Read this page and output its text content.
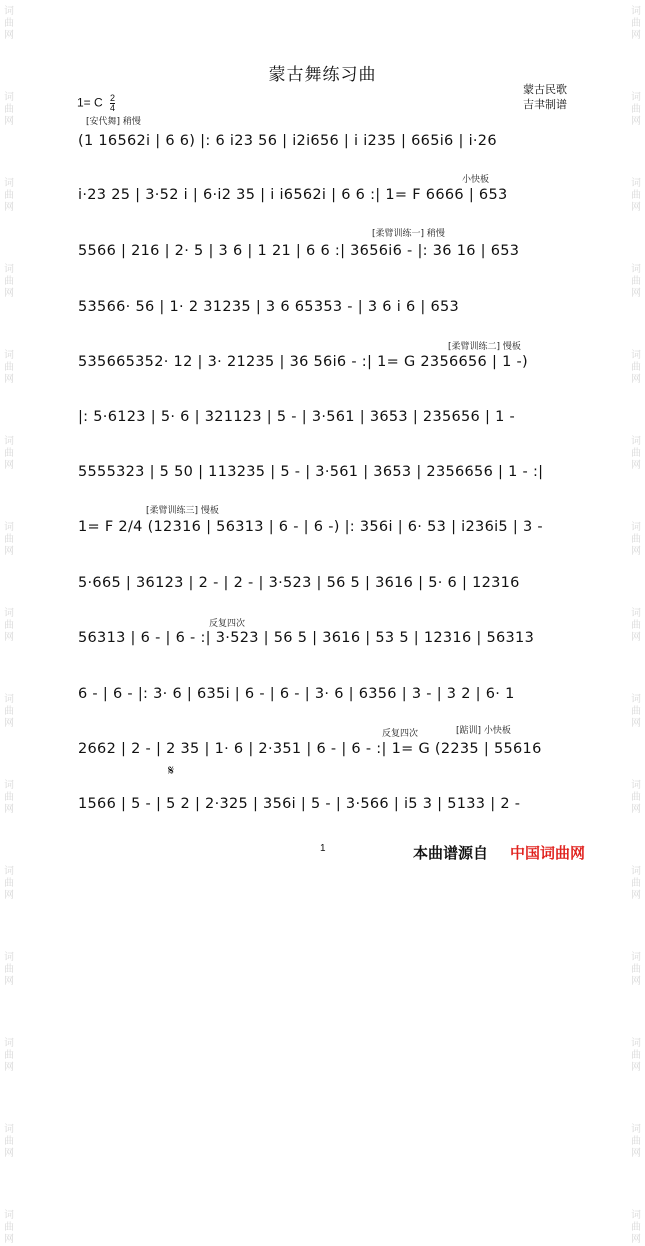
词
曲
网
词
曲
网
词
曲
网
词
曲
网
词
曲
网
词
曲
网
词
曲
网
词
曲
网
词
曲
网
词
曲
网
词
曲
网
词
曲
网
词
曲
网
词
曲
网
词
曲
网
词
曲
网
词
曲
网
词
曲
网
词
曲
网
词
曲
网
词
曲
网
词
曲
网
词
曲
网
词
曲
网
词
曲
网
词
曲
网
词
曲
网
词
曲
网
词
曲
网
词
曲
网
蒙古舞练习曲
蒙古民歌
吉聿制谱
1= C $\frac{2}{4}$
[安代舞] 稍慢
小快板
[柔臂训练一] 稍慢
[柔臂训练二] 慢板
[柔臂训练三] 慢板
反复四次
反复四次	[踮训] 小快板
(1 16562i | 6 6) |: 6 i23 56 | i2i656 | i i235 | 665i6 | i·26
i·23 25 | 3·52 i | 6·i2 35 | i i6562i | 6 6 :| 1= F 6666 | 653
5566 | 216 | 2· 5 | 3 6 | 1 21 | 6 6 :| 3656i6 - |: 36 16 | 653
53566· 56 | 1· 2 31235 | 3 6 65353 - | 3 6 i 6 | 653
535665352· 12 | 3· 21235 | 36 56i6 - :| 1= G 2356656 | 1 -)
|: 5·6123 | 5· 6 | 321123 | 5 - | 3·561 | 3653 | 235656 | 1 -
5555323 | 5 50 | 113235 | 5 - | 3·561 | 3653 | 2356656 | 1 - :|
1= F 2/4 (12316 | 56313 | 6 - | 6 -) |: 356i | 6· 53 | i236i5 | 3 -
5·665 | 36123 | 2 - | 2 - | 3·523 | 56 5 | 3616 | 5· 6 | 12316
56313 | 6 - | 6 - :| 3·523 | 56 5 | 3616 | 53 5 | 12316 | 56313
6 - | 6 - |: 3· 6 | 635i | 6 - | 6 - | 3· 6 | 6356 | 3 - | 3 2 | 6· 1
2662 | 2 - | 2 35 | 1· 6 | 2·351 | 6 - | 6 - :| 1= G (2235 | 55616
1566 | 5 - | 5 2 | 2·325 | 356i | 5 - | 3·566 | i5 3 | 5133 | 2 -
𝄋
1	本曲谱源自 中国词曲网
